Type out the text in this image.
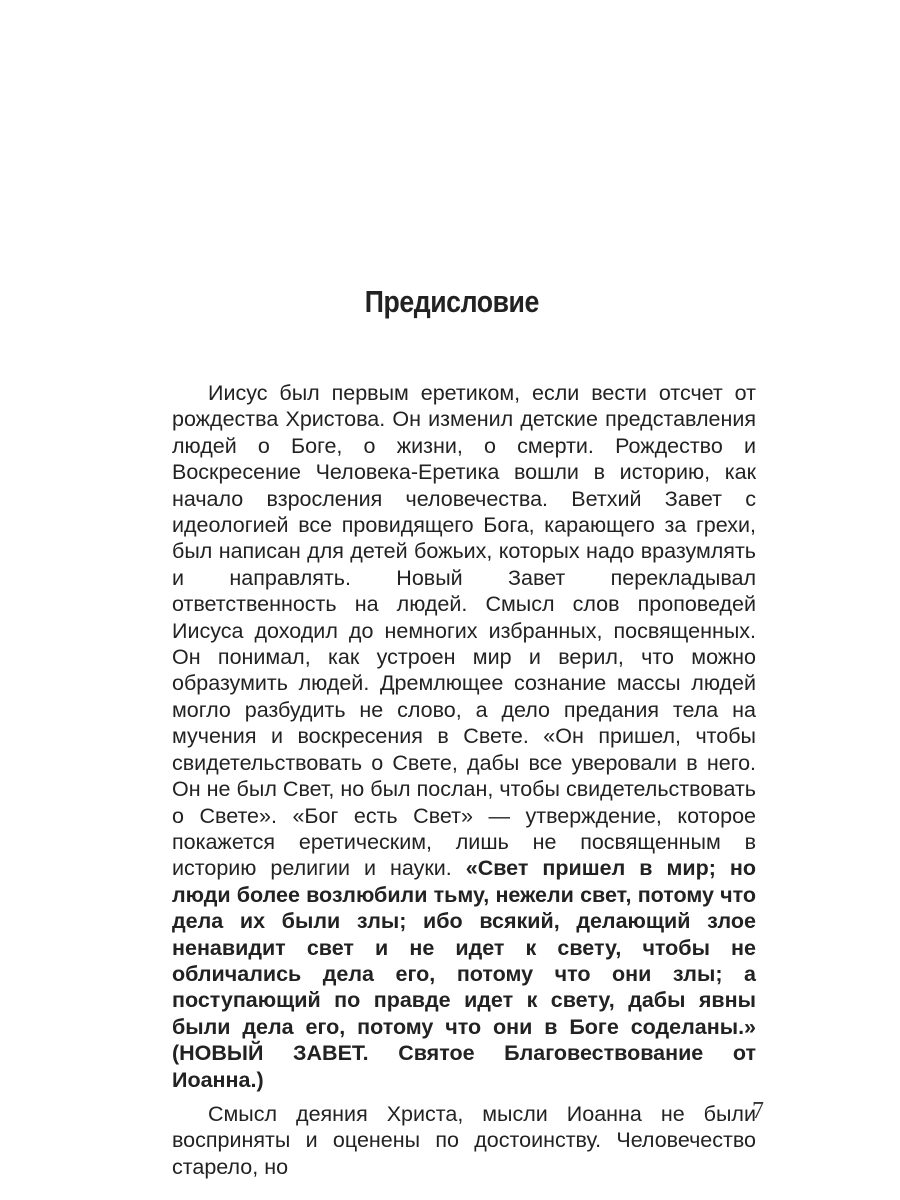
Предисловие

Иисус был первым еретиком, если вести отсчет от рождества Христова. Он изменил детские представления людей о Боге, о жизни, о смерти. Рождество и Воскресение Человека-Еретика вошли в историю, как начало взросления человечества. Ветхий Завет с идеологией все провидящего Бога, карающего за грехи, был написан для детей божьих, которых надо вразумлять и направлять. Новый Завет перекладывал ответственность на людей. Смысл слов проповедей Иисуса доходил до немногих избранных, посвященных. Он понимал, как устроен мир и верил, что можно образумить людей. Дремлющее сознание массы людей могло разбудить не слово, а дело предания тела на мучения и воскресения в Свете. «Он пришел, чтобы свидетельствовать о Свете, дабы все уверовали в него. Он не был Свет, но был послан, чтобы свидетельствовать о Свете». «Бог есть Свет» — утверждение, которое покажется еретическим, лишь не посвященным в историю религии и науки. «Свет пришел в мир; но люди более возлюбили тьму, нежели свет, потому что дела их были злы; ибо всякий, делающий злое ненавидит свет и не идет к свету, чтобы не обличались дела его, потому что они злы; а поступающий по правде идет к свету, дабы явны были дела его, потому что они в Боге соделаны.» (НОВЫЙ ЗАВЕТ. Святое Благовествование от Иоанна.)

Смысл деяния Христа, мысли Иоанна не были восприняты и оценены по достоинству. Человечество старело, но

7
